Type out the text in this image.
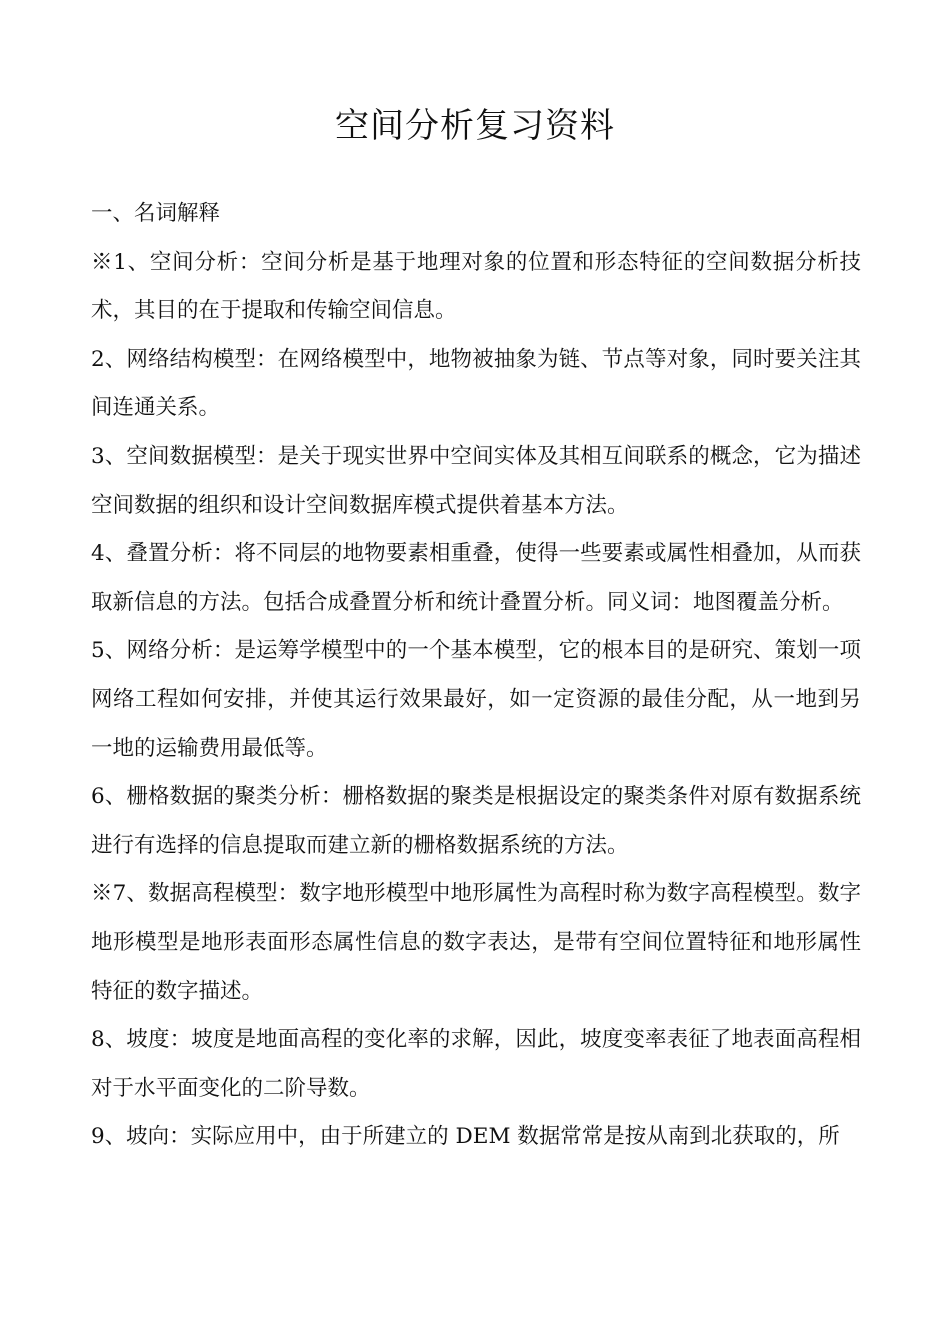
空间分析复习资料

一、名词解释

※1、空间分析：空间分析是基于地理对象的位置和形态特征的空间数据分析技术，其目的在于提取和传输空间信息。

2、网络结构模型：在网络模型中，地物被抽象为链、节点等对象，同时要关注其间连通关系。

3、空间数据模型：是关于现实世界中空间实体及其相互间联系的概念，它为描述空间数据的组织和设计空间数据库模式提供着基本方法。

4、叠置分析：将不同层的地物要素相重叠，使得一些要素或属性相叠加，从而获取新信息的方法。包括合成叠置分析和统计叠置分析。同义词：地图覆盖分析。

5、网络分析：是运筹学模型中的一个基本模型，它的根本目的是研究、策划一项网络工程如何安排，并使其运行效果最好，如一定资源的最佳分配，从一地到另一地的运输费用最低等。

6、栅格数据的聚类分析：栅格数据的聚类是根据设定的聚类条件对原有数据系统进行有选择的信息提取而建立新的栅格数据系统的方法。

※7、数据高程模型：数字地形模型中地形属性为高程时称为数字高程模型。数字地形模型是地形表面形态属性信息的数字表达，是带有空间位置特征和地形属性特征的数字描述。

8、坡度：坡度是地面高程的变化率的求解，因此，坡度变率表征了地表面高程相对于水平面变化的二阶导数。

9、坡向：实际应用中，由于所建立的 DEM 数据常常是按从南到北获取的，所
